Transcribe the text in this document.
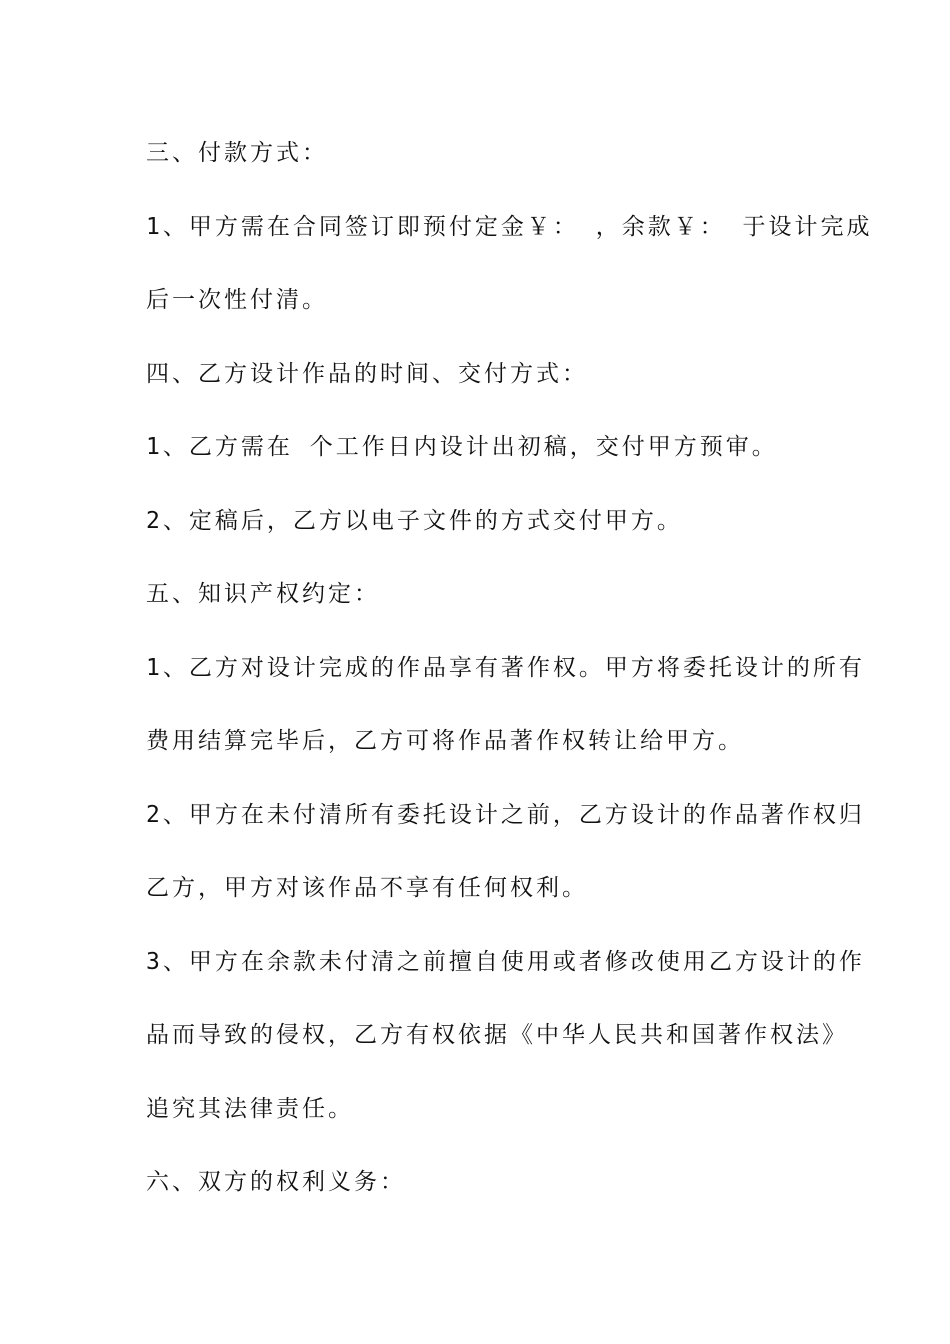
三、付款方式：

1、甲方需在合同签订即预付定金￥： ，余款￥： 于设计完成

后一次性付清。

四、乙方设计作品的时间、交付方式：

1、乙方需在 个工作日内设计出初稿，交付甲方预审。

2、定稿后，乙方以电子文件的方式交付甲方。

五、知识产权约定：

1、乙方对设计完成的作品享有著作权。甲方将委托设计的所有

费用结算完毕后，乙方可将作品著作权转让给甲方。

2、甲方在未付清所有委托设计之前，乙方设计的作品著作权归

乙方，甲方对该作品不享有任何权利。

3、甲方在余款未付清之前擅自使用或者修改使用乙方设计的作

品而导致的侵权，乙方有权依据《中华人民共和国著作权法》

追究其法律责任。

六、双方的权利义务：
